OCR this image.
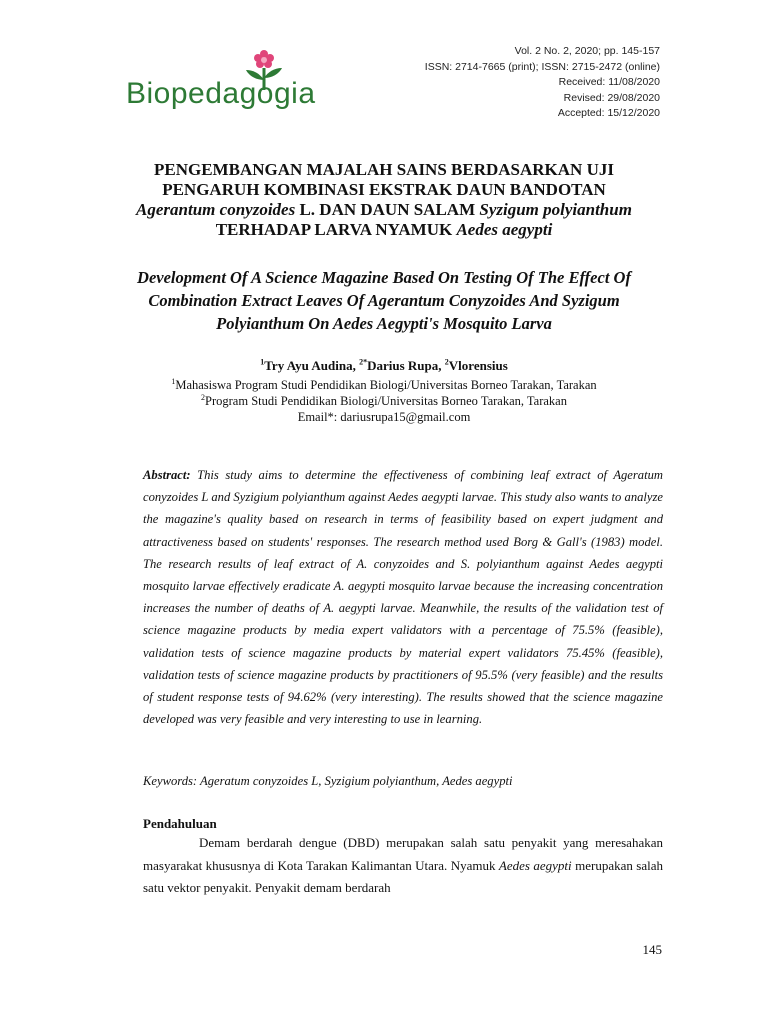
Biopedagogia
Vol. 2 No. 2, 2020; pp. 145-157
ISSN: 2714-7665 (print); ISSN: 2715-2472 (online)
Received: 11/08/2020
Revised: 29/08/2020
Accepted: 15/12/2020
PENGEMBANGAN MAJALAH SAINS BERDASARKAN UJI
PENGARUH KOMBINASI EKSTRAK DAUN BANDOTAN
Agerantum conyzoides L. DAN DAUN SALAM Syzigum polyianthum
TERHADAP LARVA NYAMUK Aedes aegypti
Development Of A Science Magazine Based On Testing Of The Effect Of
Combination Extract Leaves Of Agerantum Conyzoides And Syzigum
Polyianthum On Aedes Aegypti's Mosquito Larva
$^1$Try Ayu Audina, $^{2*}$Darius Rupa, $^2$Vlorensius
$^1$Mahasiswa Program Studi Pendidikan Biologi/Universitas Borneo Tarakan, Tarakan
$^2$Program Studi Pendidikan Biologi/Universitas Borneo Tarakan, Tarakan
Email*: dariusrupa15@gmail.com
Abstract: This study aims to determine the effectiveness of combining leaf extract of Ageratum conyzoides L and Syzigium polyianthum against Aedes aegypti larvae. This study also wants to analyze the magazine's quality based on research in terms of feasibility based on expert judgment and attractiveness based on students' responses. The research method used Borg & Gall's (1983) model. The research results of leaf extract of A. conyzoides and S. polyianthum against Aedes aegypti mosquito larvae effectively eradicate A. aegypti mosquito larvae because the increasing concentration increases the number of deaths of A. aegypti larvae. Meanwhile, the results of the validation test of science magazine products by media expert validators with a percentage of 75.5% (feasible), validation tests of science magazine products by material expert validators 75.45% (feasible), validation tests of science magazine products by practitioners of 95.5% (very feasible) and the results of student response tests of 94.62% (very interesting). The results showed that the science magazine developed was very feasible and very interesting to use in learning.
Keywords: Ageratum conyzoides L, Syzigium polyianthum, Aedes aegypti
Pendahuluan
Demam berdarah dengue (DBD) merupakan salah satu penyakit yang meresahakan masyarakat khususnya di Kota Tarakan Kalimantan Utara. Nyamuk Aedes aegypti merupakan salah satu vektor penyakit. Penyakit demam berdarah
145
